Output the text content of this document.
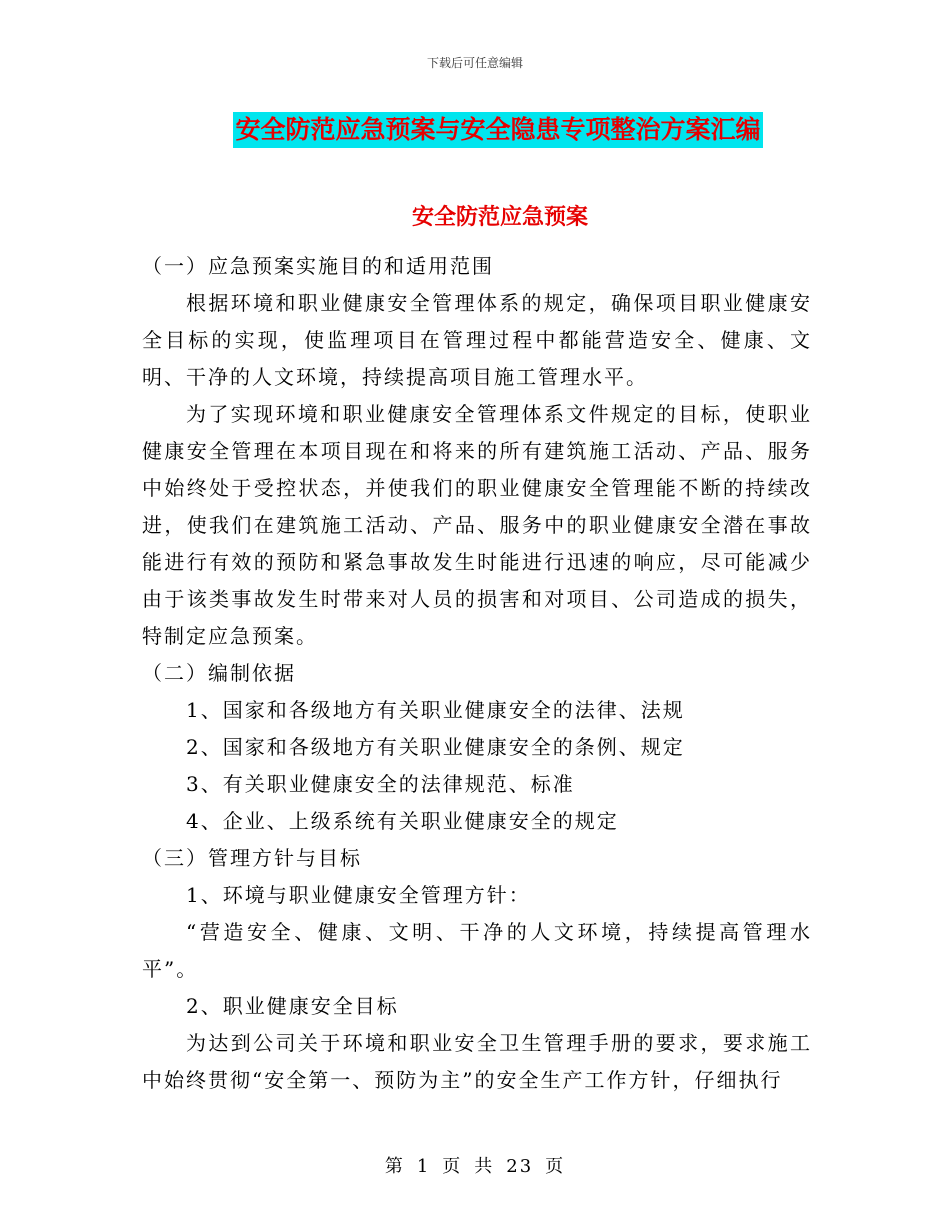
下载后可任意编辑
安全防范应急预案与安全隐患专项整治方案汇编
安全防范应急预案

（一）应急预案实施目的和适用范围

根据环境和职业健康安全管理体系的规定，确保项目职业健康安全目标的实现，使监理项目在管理过程中都能营造安全、健康、文明、干净的人文环境，持续提高项目施工管理水平。

为了实现环境和职业健康安全管理体系文件规定的目标，使职业健康安全管理在本项目现在和将来的所有建筑施工活动、产品、服务中始终处于受控状态，并使我们的职业健康安全管理能不断的持续改进，使我们在建筑施工活动、产品、服务中的职业健康安全潜在事故能进行有效的预防和紧急事故发生时能进行迅速的响应，尽可能减少由于该类事故发生时带来对人员的损害和对项目、公司造成的损失，特制定应急预案。

（二）编制依据

1、国家和各级地方有关职业健康安全的法律、法规

2、国家和各级地方有关职业健康安全的条例、规定

3、有关职业健康安全的法律规范、标准

4、企业、上级系统有关职业健康安全的规定

（三）管理方针与目标

1、环境与职业健康安全管理方针：

“营造安全、健康、文明、干净的人文环境，持续提高管理水平”。

2、职业健康安全目标

为达到公司关于环境和职业安全卫生管理手册的要求，要求施工中始终贯彻“安全第一、预防为主”的安全生产工作方针，仔细执行

第 1 页 共 23 页
